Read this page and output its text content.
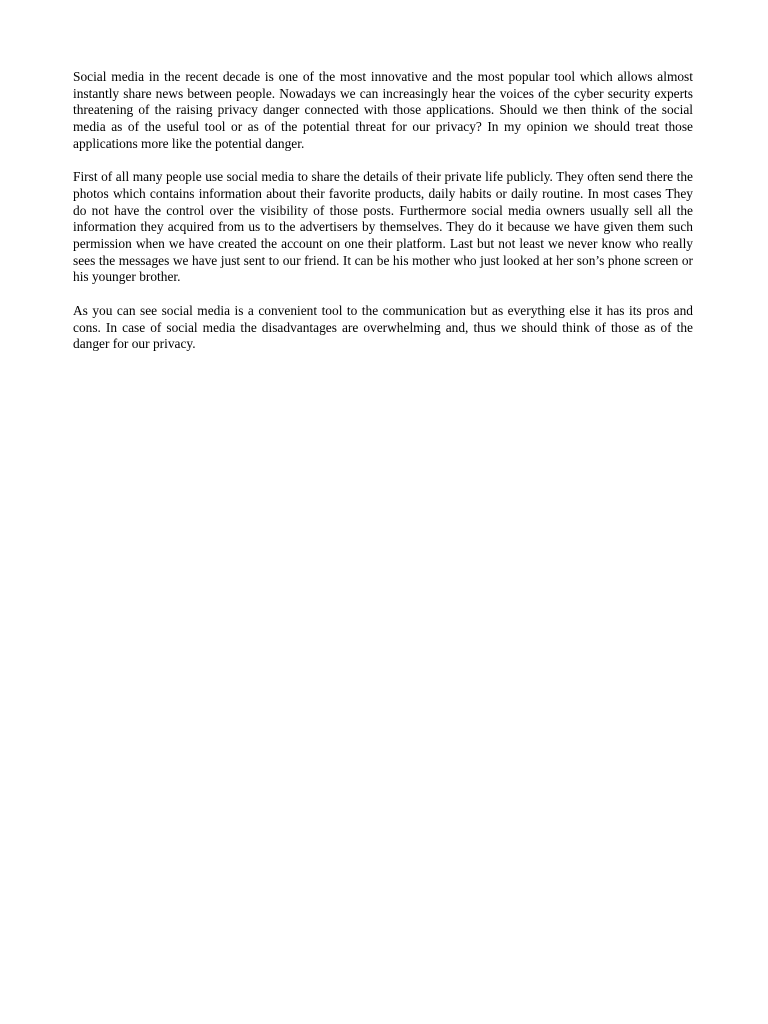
Social media in the recent decade is one of the most innovative and the most popular tool which allows almost instantly share news between people. Nowadays we can increasingly hear the voices of the cyber security experts threatening of the raising privacy danger connected with those applications. Should we then think of the social media as of the useful tool or as of the potential threat for our privacy? In my opinion we should treat those applications more like the potential danger.

First of all many people use social media to share the details of their private life publicly. They often send there the photos which contains information about their favorite products, daily habits or daily routine. In most cases They do not have the control over the visibility of those posts. Furthermore social media owners usually sell all the information they acquired from us to the advertisers by themselves. They do it because we have given them such permission when we have created the account on one their platform. Last but not least we never know who really sees the messages we have just sent to our friend. It can be his mother who just looked at her son’s phone screen or his younger brother.

As you can see social media is a convenient tool to the communication but as everything else it has its pros and cons. In case of social media the disadvantages are overwhelming and, thus we should think of those as of the danger for our privacy.
